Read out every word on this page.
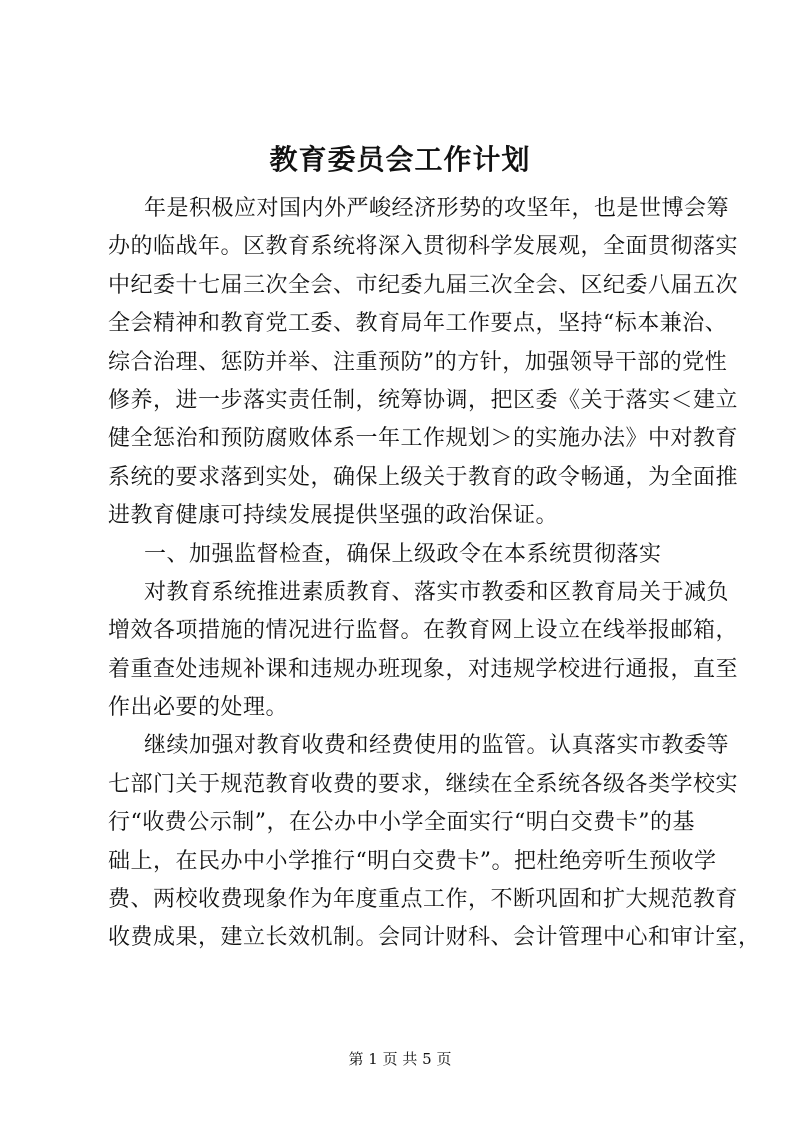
教育委员会工作计划
年是积极应对国内外严峻经济形势的攻坚年，也是世博会筹
办的临战年。区教育系统将深入贯彻科学发展观，全面贯彻落实
中纪委十七届三次全会、市纪委九届三次全会、区纪委八届五次
全会精神和教育党工委、教育局年工作要点，坚持“标本兼治、
综合治理、惩防并举、注重预防”的方针，加强领导干部的党性
修养，进一步落实责任制，统筹协调，把区委《关于落实＜建立
健全惩治和预防腐败体系一年工作规划＞的实施办法》中对教育
系统的要求落到实处，确保上级关于教育的政令畅通，为全面推
进教育健康可持续发展提供坚强的政治保证。
一、加强监督检查，确保上级政令在本系统贯彻落实
对教育系统推进素质教育、落实市教委和区教育局关于减负
增效各项措施的情况进行监督。在教育网上设立在线举报邮箱，
着重查处违规补课和违规办班现象，对违规学校进行通报，直至
作出必要的处理。
继续加强对教育收费和经费使用的监管。认真落实市教委等
七部门关于规范教育收费的要求，继续在全系统各级各类学校实
行“收费公示制”，在公办中小学全面实行“明白交费卡”的基
础上，在民办中小学推行“明白交费卡”。把杜绝旁听生预收学
费、两校收费现象作为年度重点工作，不断巩固和扩大规范教育
收费成果，建立长效机制。会同计财科、会计管理中心和审计室，
第 1 页 共 5 页
